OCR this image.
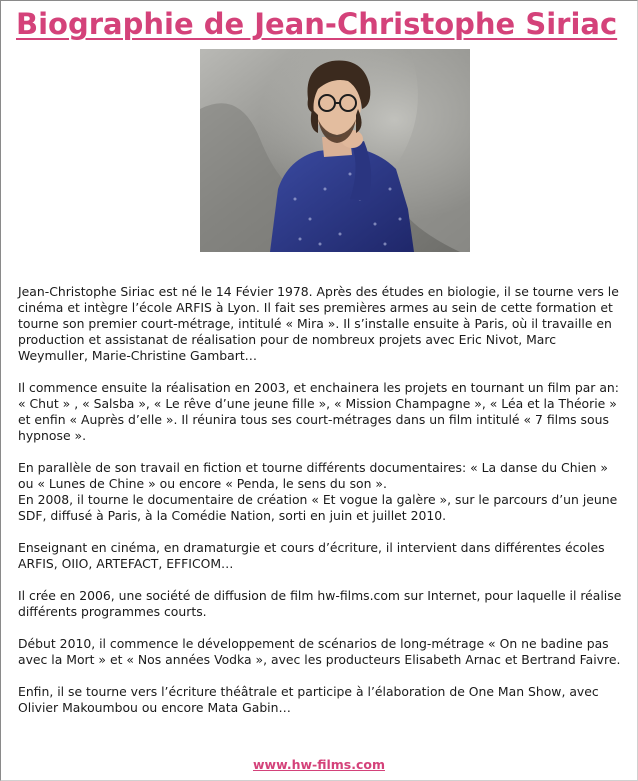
Biographie de Jean-Christophe Siriac

Jean-Christophe Siriac est né le 14 Févier 1978. Après des études en biologie, il se tourne vers le cinéma et intègre l’école ARFIS à Lyon. Il fait ses premières armes au sein de cette formation et tourne son premier court-métrage, intitulé « Mira ». Il s’installe ensuite à Paris, où il travaille en production et assistanat de réalisation pour de nombreux projets avec Eric Nivot, Marc Weymuller, Marie-Christine Gambart…

Il commence ensuite la réalisation en 2003, et enchainera les projets en tournant un film par an: « Chut » , « Salsba », « Le rêve d’une jeune fille », « Mission Champagne », « Léa et la Théorie » et enfin « Auprès d’elle ». Il réunira tous ses court-métrages dans un film intitulé « 7 films sous hypnose ».

En parallèle de son travail en fiction et tourne différents documentaires: « La danse du Chien » ou « Lunes de Chine » ou encore « Penda, le sens du son ».

En 2008, il tourne le documentaire de création « Et vogue la galère », sur le parcours d’un jeune SDF, diffusé à Paris, à la Comédie Nation, sorti en juin et juillet 2010.

Enseignant en cinéma, en dramaturgie et cours d’écriture, il intervient dans différentes écoles ARFIS, OIIO, ARTEFACT, EFFICOM…

Il crée en 2006, une société de diffusion de film hw-films.com sur Internet, pour laquelle il réalise différents programmes courts.

Début 2010, il commence le développement de scénarios de long-métrage « On ne badine pas avec la Mort » et « Nos années Vodka », avec les producteurs Elisabeth Arnac et Bertrand Faivre.

Enfin, il se tourne vers l’écriture théâtrale et participe à l’élaboration de One Man Show, avec Olivier Makoumbou ou encore Mata Gabin…

www.hw-films.com
